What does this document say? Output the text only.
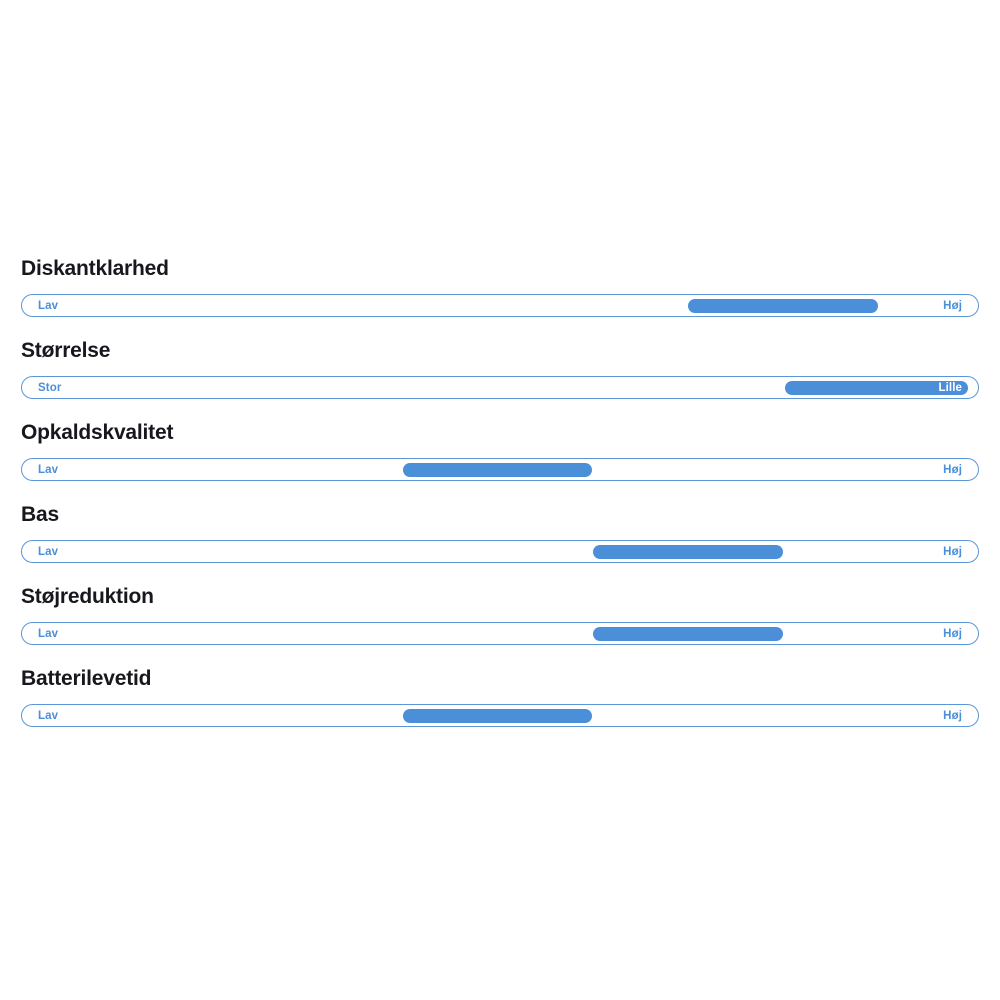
Diskantklarhed
Lav	Høj
Størrelse
Stor	Lille
Opkaldskvalitet
Lav	Høj
Bas
Lav	Høj
Støjreduktion
Lav	Høj
Batterilevetid
Lav	Høj
